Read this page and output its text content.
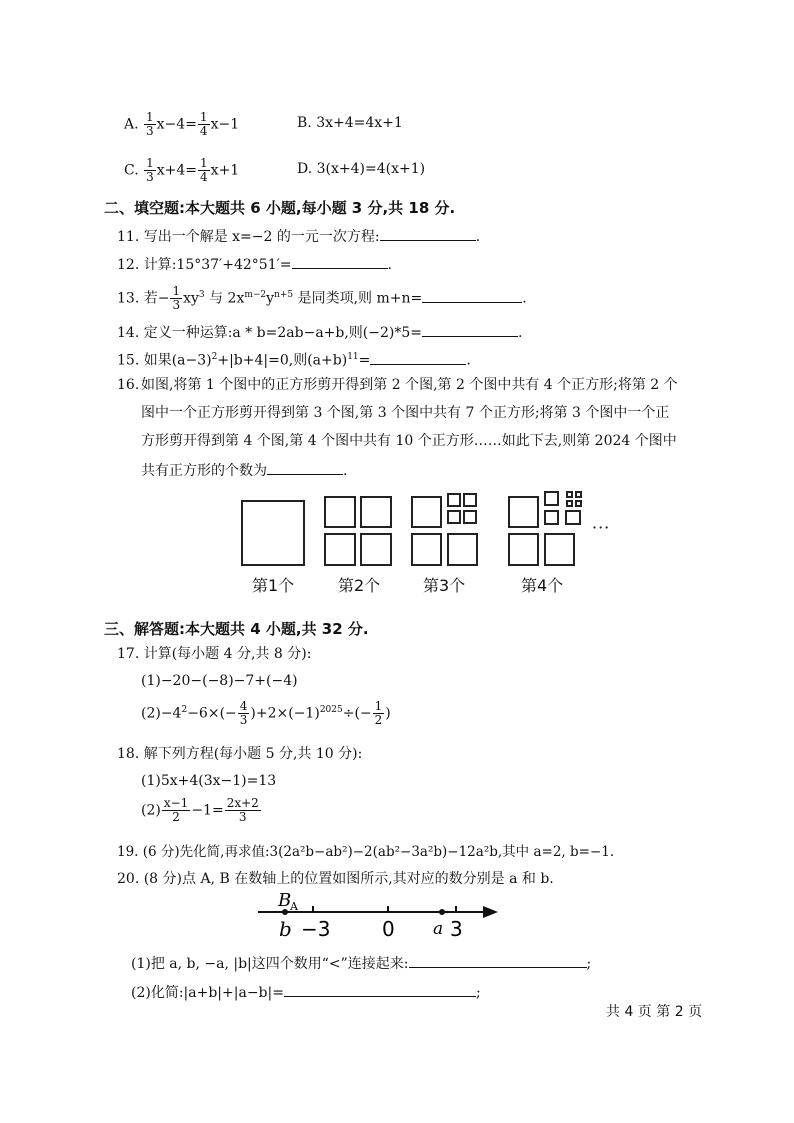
A. $\frac{1}{3} x-4= \frac{1}{4} x-1$	B. 3x+4=4x+1
C. $\frac{1}{3} x+4= \frac{1}{4} x+1$	D. 3(x+4)=4(x+1)
二、填空题:本大题共 6 小题,每小题 3 分,共 18 分.
11. 写出一个解是 x=−2 的一元一次方程:	.
12. 计算:15°37′+42°51′=	.
13. 若− $\frac{1}{3} xy^3$ 与 $2x^{m-2}y^{n+5}$ 是同类项,则 m+n=	.
14. 定义一种运算:a * b=2ab−a+b,则(−2)*5=	.
15. 如果$(a-3)^2+|b+4|=0$,则$(a+b)^{11}=$	.
16. 如图,将第 1 个图中的正方形剪开得到第 2 个图,第 2 个图中共有 4 个正方形;将第 2 个
图中一个正方形剪开得到第 3 个图,第 3 个图中共有 7 个正方形;将第 3 个图中一个正
方形剪开得到第 4 个图,第 4 个图中共有 10 个正方形……如此下去,则第 2024 个图中
共有正方形的个数为	.
···
第1个	第2个	第3个	第4个
三、解答题:本大题共 4 小题,共 32 分.
17. 计算(每小题 4 分,共 8 分):
(1)−20−(−8)−7+(−4)
$(2)-4^2-6\times(- \frac{4}{3} )+2\times(-1)^{2025}\div(- \frac{1}{2}$ )
18. 解下列方程(每小题 5 分,共 10 分):
(1)5x+4(3x−1)=13
$(2) \frac{x-1}{2} -1= \frac{2x+2}{3}$
19. (6 分)先化简,再求值:3(2a²b−ab²)−2(ab²−3a²b)−12a²b,其中 a=2, b=−1.
20. (8 分)点 A, B 在数轴上的位置如图所示,其对应的数分别是 a 和 b.
B
A
b −3	0 a 3
(1)把 a, b, −a, |b|这四个数用“<”连接起来:	;
(2)化简:|a+b|+|a−b|=	;
共 4 页 第 2 页
